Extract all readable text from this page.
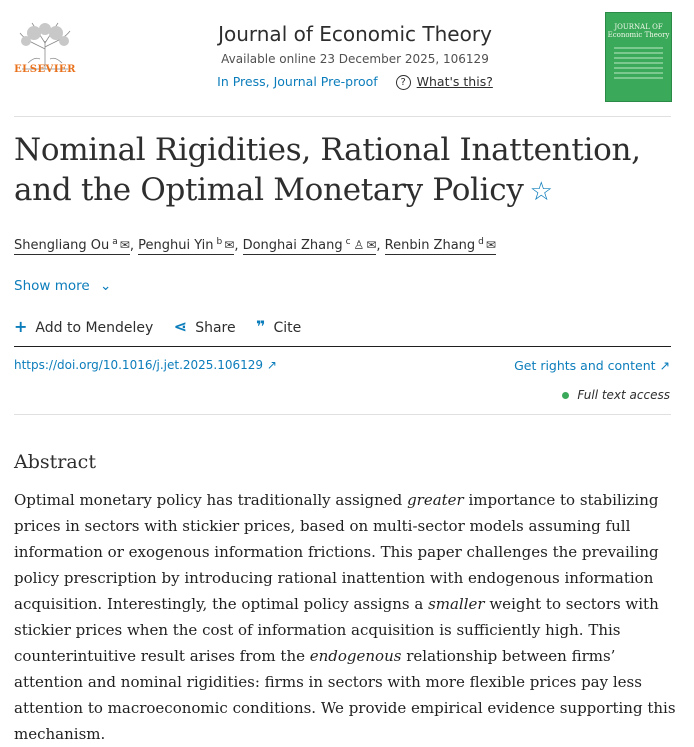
ELSEVIER
Journal of Economic Theory
Available online 23 December 2025, 106129
In Press, Journal Pre-proof ? What's this?
JOURNAL OF Economic Theory
Nominal Rigidities, Rational Inattention, and the Optimal Monetary Policy ☆
Shengliang Ou $^a$ ✉, Penghui Yin $^b$ ✉, Donghai Zhang $^c$ ♙ ✉, Renbin Zhang $^d$ ✉
Show more ⌄
+ Add to Mendeley ⋖ Share ❞ Cite
https://doi.org/10.1016/j.jet.2025.106129 ↗	Get rights and content ↗
Full text access
Abstract

Optimal monetary policy has traditionally assigned greater importance to stabilizing prices in sectors with stickier prices, based on multi-sector models assuming full information or exogenous information frictions. This paper challenges the prevailing policy prescription by introducing rational inattention with endogenous information acquisition. Interestingly, the optimal policy assigns a smaller weight to sectors with stickier prices when the cost of information acquisition is sufficiently high. This counterintuitive result arises from the endogenous relationship between firms’ attention and nominal rigidities: firms in sectors with more flexible prices pay less attention to macroeconomic conditions. We provide empirical evidence supporting this mechanism.
